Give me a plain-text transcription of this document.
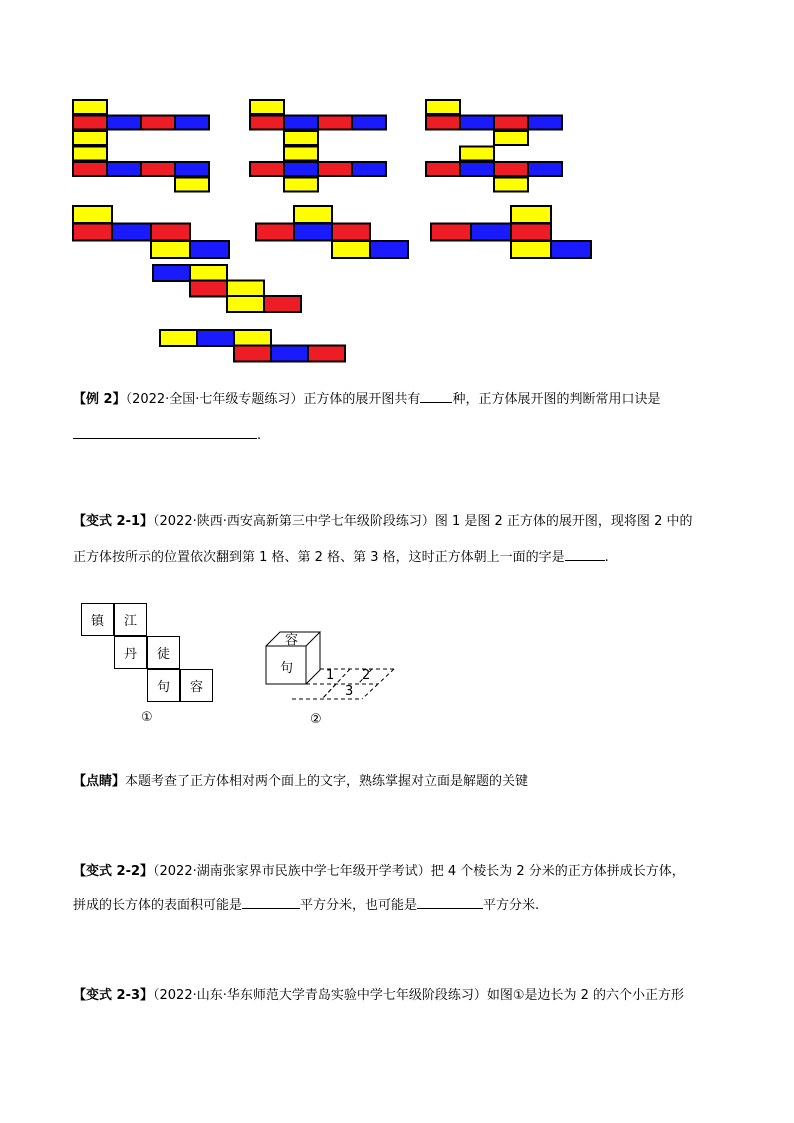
【例 2】（2022·全国·七年级专题练习）正方体的展开图共有 种，正方体展开图的判断常用口诀是
.
【变式 2-1】（2022·陕西·西安高新第三中学七年级阶段练习）图 1 是图 2 正方体的展开图，现将图 2 中的
正方体按所示的位置依次翻到第 1 格、第 2 格、第 3 格，这时正方体朝上一面的字是	.
镇	江
丹	徒
句	容
①
容
句	1 2
3
②
【点睛】本题考查了正方体相对两个面上的文字，熟练掌握对立面是解题的关键
【变式 2-2】（2022·湖南张家界市民族中学七年级开学考试）把 4 个棱长为 2 分米的正方体拼成长方体，
拼成的长方体的表面积可能是	平方分米，也可能是	平方分米.
【变式 2-3】（2022·山东·华东师范大学青岛实验中学七年级阶段练习）如图①是边长为 2 的六个小正方形
